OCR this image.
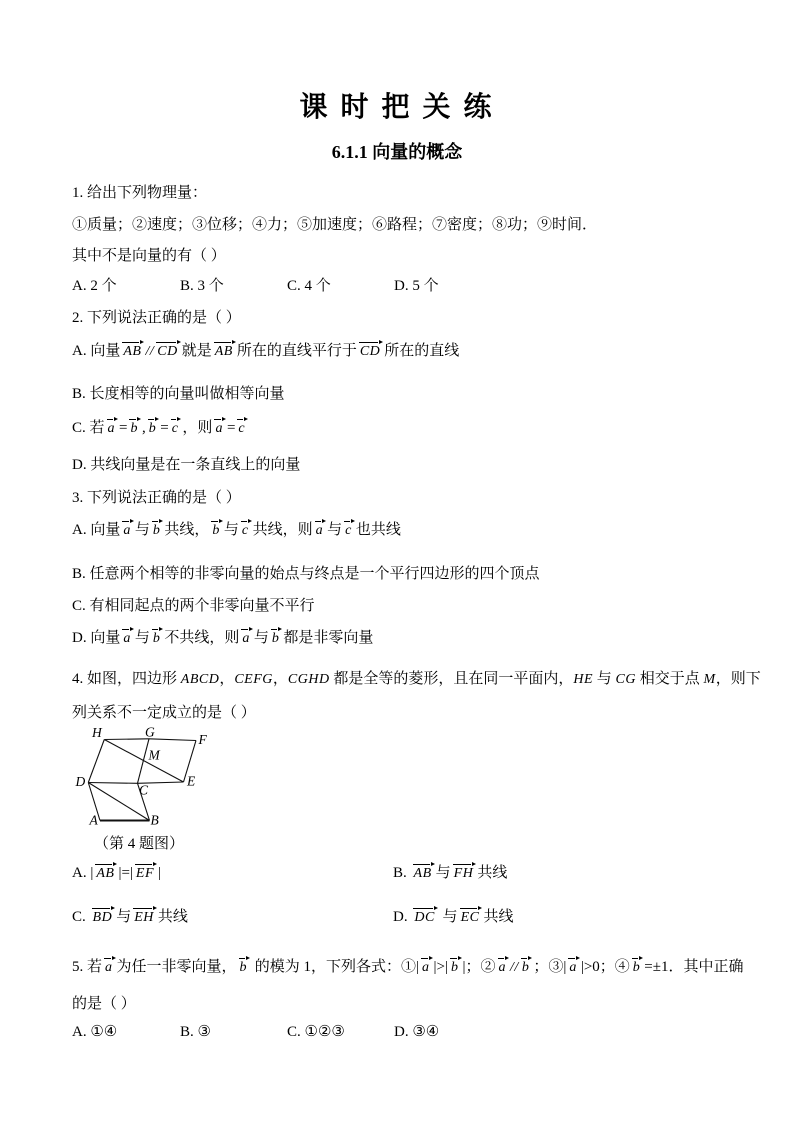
课 时 把 关 练
6.1.1 向量的概念
1. 给出下列物理量：
①质量；②速度；③位移；④力；⑤加速度；⑥路程；⑦密度；⑧功；⑨时间．
其中不是向量的有（ ）
A. 2 个	B. 3 个	C. 4 个	D. 5 个
2. 下列说法正确的是（ ）
A. 向量 AB // CD 就是 AB 所在的直线平行于 CD 所在的直线
B. 长度相等的向量叫做相等向量
C. 若 a = b , b = c ，则 a = c
D. 共线向量是在一条直线上的向量
3. 下列说法正确的是（ ）
A. 向量 a 与 b 共线， b 与 c 共线，则 a 与 c 也共线
B. 任意两个相等的非零向量的始点与终点是一个平行四边形的四个顶点
C. 有相同起点的两个非零向量不平行
D. 向量 a 与 b 不共线，则 a 与 b 都是非零向量
4. 如图，四边形 ABCD，CEFG，CGHD 都是全等的菱形，且在同一平面内，HE 与 CG 相交于点 M，则下
列关系不一定成立的是（ ）
H	G	F
M
D
C
E
A	B
（第 4 题图）
A. | AB |=| EF |	B. AB 与 FH 共线
C. BD 与 EH 共线	D. DC 与 EC 共线
5. 若 a 为任一非零向量， b 的模为 1，下列各式：①| a |>| b |；② a // b ；③| a |>0；④ b =±1．其中正确
的是（ ）
A. ①④	B. ③	C. ①②③	D. ③④
